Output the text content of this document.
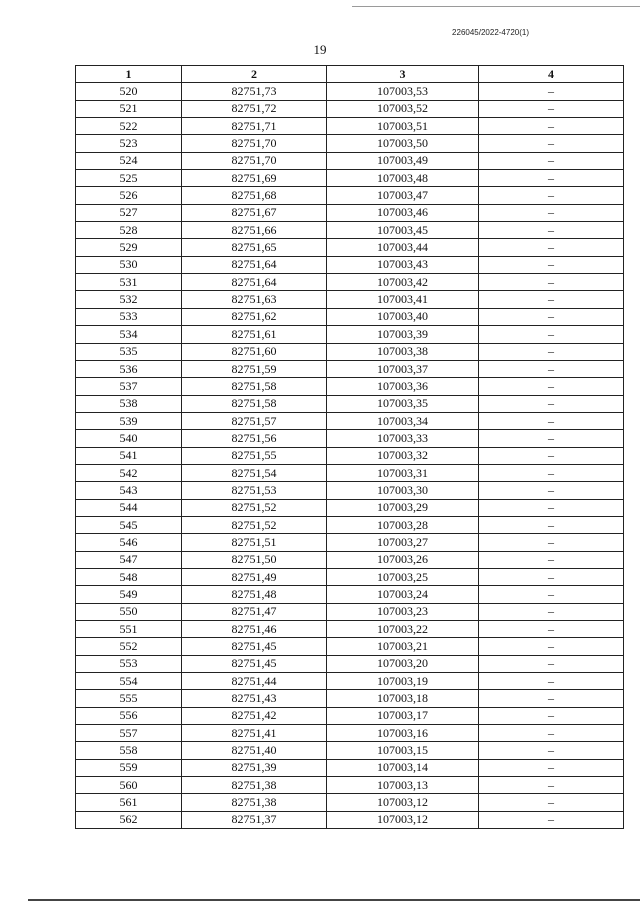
226045/2022-4720(1)
19
1	2	3	4
520	82751,73	107003,53	–
521	82751,72	107003,52	–
522	82751,71	107003,51	–
523	82751,70	107003,50	–
524	82751,70	107003,49	–
525	82751,69	107003,48	–
526	82751,68	107003,47	–
527	82751,67	107003,46	–
528	82751,66	107003,45	–
529	82751,65	107003,44	–
530	82751,64	107003,43	–
531	82751,64	107003,42	–
532	82751,63	107003,41	–
533	82751,62	107003,40	–
534	82751,61	107003,39	–
535	82751,60	107003,38	–
536	82751,59	107003,37	–
537	82751,58	107003,36	–
538	82751,58	107003,35	–
539	82751,57	107003,34	–
540	82751,56	107003,33	–
541	82751,55	107003,32	–
542	82751,54	107003,31	–
543	82751,53	107003,30	–
544	82751,52	107003,29	–
545	82751,52	107003,28	–
546	82751,51	107003,27	–
547	82751,50	107003,26	–
548	82751,49	107003,25	–
549	82751,48	107003,24	–
550	82751,47	107003,23	–
551	82751,46	107003,22	–
552	82751,45	107003,21	–
553	82751,45	107003,20	–
554	82751,44	107003,19	–
555	82751,43	107003,18	–
556	82751,42	107003,17	–
557	82751,41	107003,16	–
558	82751,40	107003,15	–
559	82751,39	107003,14	–
560	82751,38	107003,13	–
561	82751,38	107003,12	–
562	82751,37	107003,12	–
